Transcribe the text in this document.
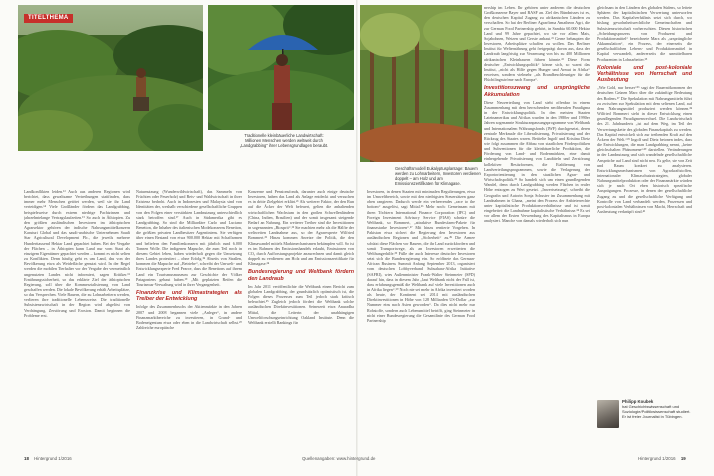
TITELTHEMA
Traditionelle kleinbäuerliche Landwirtschaft: Millionen Menschen werden weltweit durch „Landgrabbing“ ihrer Lebensgrundlagen beraubt.
Geschäftsmodell Eukalyptusplantage: Bauern werden zu Lohnarbeitern, Investoren verdienen doppelt – am Holz und am Emissionszertifikaten für Klimagase.

Landkonflikten leiden.¹³ Auch aus anderen Regionen wird berichtet, dass gewaltsame Vertreibungen stattfinden, dass immer mehr Menschen getötet werden, weil sie ihr Land verteidigen.¹⁴ Viele Großländer fördern das Landgrabbing, beispielsweise durch extrem niedrige Pachtzinsen und jahrzehntelange Vertragslaufzeiten.¹⁵ So auch in Äthiopien. Zu den größten ausländischen Investoren im äthiopischen Agrarsektor gehören der indische Nahrungsmittelkonzern Karuturi Global und das saudi-arabische Unternehmen Saudi Star Agricultural Development Plc., die jeweils mehrere Hunderttausend Hektar Land gepachtet haben. Bei der Vergabe der Flächen – in Äthiopien kann Land nur vom Staat als einzigem Eigentümer gepachtet werden – kommt es nicht selten zu Konflikten. Denn häufig geht es um Land, das von der Bevölkerung etwa als Weidefläche genutzt wird. In der Regel werden die mobilen Tierhalter vor der Vergabe der vermeintlich ungenutzten Landes nicht informiert, sagen Kritiker.¹⁶ Ernährungssicherheit, so das erklärte Ziel der äthiopischen Regierung, soll über die Kommerzialisierung von Land geschaffen werden. Die lokale Bevölkerung erhält Arbeitsplätze, so das Versprechen. Viele Bauern, die zu Lohnarbeitern werden, verlieren ihre traditionelle Lebensweise. Die traditionelle Subsistenzwirtschaft in der Region wird abgelöst von Verdrängung, Zerstörung und Erosion. Damit beginnen die Probleme erst.

Naturnutzung (Wunderwildwirtschaft), das Sammeln von Früchten oder Feuerholz) und Reis- und Waldwirtschaft in ihrer Existenz bedroht. Auch in Indonesien und Malaysia sind von Identitäten der, weshalb verschiedene gesellschaftliche Gruppen von den Folgen einer verstärkten Landnutzung unterschiedlich stark betroffen sind.¹⁷ Auch in Südamerika gibt es Landgrabbing. So sind die Milliardäre Carlo und Luciano Benetton, die Inhaber des italienischen Modekonzerns Benetton, die größten privaten Landbesitzer Argentiniens. Sie verfügen über einen Bestand von etwa 900.000 Hektar mit Schaffarmen und beliefern den Familienkonzern mit jährlich rund 6.000 Tonnen Wolle. Die indigenen Mapuche, die zum Teil noch in diesem Gebiet leben, haben wiederholt gegen die Umsetzung ihres Landes protestiert – ohne Erfolg.¹⁸ Abseits von Straßen, kommen die Mapuche auf „Betriebe“, schreibt der Umwelt- und Entwicklungsexperte Fred Pearce, dass die Benettons auf ihrem Land ein Tourismusmuseum zur Geschichte der Völker Patagoniens gebaut haben.¹⁹ „Mit geplatzten Reifen die Tourismus-Verwaltung wird in ihrer Vergangenheit.

Finanzkrise und Klimastrategien als Treiber der Entwicklung

Infolge des Zusammenbruchs der Aktienmärkte in den Jahren 2007 und 2008 begannen viele „Anleger“, in andere Finanzmarktbereiche zu investieren, in Grund- und Bodeneigentum etwa oder eben in die Landwirtschaft selbst.²⁰ Zahlreiche europäische

Konzerne und Pensionsfonds, darunter auch einige deutsche Investoren, haben das Land als Anlage entdeckt und versuchen es in dritte Zielgebiet erklärt.²¹ Als weiterer Faktor, der den Run auf die Äcker der Welt befeuert, gelten die anhaltenden wirtschaftlichen Wachstum in den großen Schwellenländern (China, Indien, Brasilien) und der somit insgesamt steigende Bedarf an Nahrung. Ein weiterer Treiber sind die Investitionen in sogenannten „Biosprit“.²² Sie machten mehr als die Hälfte der weltweiten Landnahme aus, so der Agrarexperte Wilfried Bommert.²³ Hinzu kommen Anreize der Politik, die den Klimawandel mittels Marktmechanismen bekämpfen will. So ist es im Rahmen des Emissionshandels erlaubt, Emissionen von CO₂ durch Aufforstungsprojekte anzurechnen und damit gleich doppelt zu verdienen: am Holz und am Emissionszertifikate für Klimagase.²⁴

Bundesregierung und Weltbank fördern den Landraub

Im Jahr 2011 veröffentlichte die Weltbank einen Bericht zum globalen Landgrabbing, der grundsätzlich optimistisch ist, die Folgen dieses Prozesses zum Teil jedoch stark kritisch beleuchtet.²⁵ Zugleich jedoch fördert die Weltbank solche ausländischen Direktinvestitionen. Seinerzeit etwa Anuradha Mittal, die Leiterin der unabhängigen Umweltforschungseinrichtung Oakland Institute. Denn die Weltbank erstellt Rankings für

Investoren, in denen Staaten mit minimalen Regulierungen, etwa im Umweltbereich, sowie mit den niedrigsten Steuersätzen ganz oben rangieren. Dadurch werde ein verheerendes „race to the bottom“ ausgelöst, sagt Mittal.²⁶ Mehr noch: Gemeinsam mit ihren Töchtern International Finance Corporation (IFC) und Foreign Investment Advisory Service (FIAS) schnüre die Weltbank, so Bommert, „attraktive Bundesfarm-Pakete für finanzstarke Investoren“.²⁷ Mit hinzu rentierte Vorgehen. In Pakistan etwa sichert die Regierung den Investoren aus ausländischen Regionen und „Sicherheit“ zu.²⁸ Die Armee schützt diese Flächen vor Bauern, die ihr Land zurückfordern und somit Transportwege, als an Investoren erweiterten die Welthungerhilfe.²⁹ Fülle der auch Interesse deutscher Investoren setzt sich die Bundesregierung ein. So eröffnete das German-African Business Summit Anfang September 2013, organisiert vom deutschen Lobbyverband Subsahara-Afrika Initiative (SAFRI), wies Außenminister Frank-Walter Steinmeier (SPD) darauf hin, dass in diesem Jahr „laut Weltbank nicht der Fall ist, dass erfahrungsgemäß die Weltbank auf viele Investitionen auch in Afrika liegen“.³⁰ Noch nie sei mehr in Afrika investiert worden als heute, der Kontinent sei 2014 mit ausländischen Direktinvestitionen in Höhe von 128 Milliarden US-Dollar „zur Nummer eins nach Asien geworden“. Da dies nicht mehr nur Rohstoffe, sondern auch Lebensmittel betrifft, ging Steinmeier in nicht einer Bundesregierung die Gesamtlinie des German Food Partnership

nership im Leben. Ihr gehören unter anderem die deutschen Großkonzerne Bayer und BASF an. Ziel des Bündnisses ist es, den deutschen Kapital Zugang zu afrikanischen Ländern zu verschaffen. So hat der Berliner Agrarfirma Amatheon Agri, die zur German Food Partnership gehört, in Sambia 60.000 Hektar Land und 99 Jahre gepachtet, wo sie vor allem Mais, Sojabohnen, Weizen und Gerste anbaut.³¹ Gerne behaupten die Investoren, Arbeitsplätze schaffen zu wollen. Das Berliner Institut für Welternährung geht freigeprägt davon aus, dass der Landraub langfristig zur Verarmung von bis zu 400 Millionen afrikanischen Kleinbauern führen könnte.³² Diese Form deutscher „Entwicklungspolitik“ könne sich, so warnt das Institut, „nicht als Hilfe gegen Hunger und Armut in Afrika“ erweisen, sondern vielmehr „als Brandbeschleuniger für die Flüchtlingsströme nach Europa“.

Investitionszwang und ursprüngliche Akkumulation

Diese Neuverteilung von Land steht offenbar in einem Zusammenhang mit dem herrschenden neoliberalen Paradigma in der Entwicklungspolitik. In den meisten Staaten Lateinamerikas und Afrikas wurden in den 1980er und 1990er Jahren sogenannte Strukturanpassungsprogramme von Weltbank und Internationalem Währungsfonds (IWF) durchgesetzt, deren zentrale Merkmale die Liberalisierung, Privatisierung und der Rückzug des Staates waren. Betitelte Ingolf und Kristina Dietz wie folgt zusammen die Abbau von staatlichen Förderpolitiken und Subventionen für die kleinbäuerliche Produktion, die Förderung von Land- und Bodenmärkten, eine damit einhergehende Privatisierung von Landtiteln und Zerstörung kollektiver Besitzformen, die Etablierung von Landverteilungsprogrammen, sowie die Verlagerung der Exportorientierung in den staatlichen Agrar- und Wirtschaftspolitik.³³ So handelt sich um einen grundlegenden Wandel, denn durch Landgrabbing werden Flächen in realer Höhe entzogen zu Wert gesetzt. „Inwertsetzung“, schreibt die Geografin und Autorin Sonja Schuster im Zusammenhang mit Landnahmen in Ghana, „meint den Prozess der Anbieterrechte unter kapitalistische Produktionsverhältnisse und ist somit eingebettet: die Landnahme kapitalistische Verhältnisse.³⁴ Es sei vor allem der Ersten Verwendung des Kapitalismus in Europa analysiert. Manche von damals wiederholt sich nun

gleichsam in den Ländern des globalen Südens, so leitete Sphären der kapitalistischen Verwertung unterworfen werden. Das Kapitalverhältnis setzt sich durch, wo bislang gewohnheitsrechtliche Gemeinschaften und Subsistenzwirtschaft vorherrschten. Diesen historischen „Scheidungsprozess von Produzent und Produktionsmittel“ bezeichnete Marx als „ursprüngliche Akkumulation“, ein Prozess, der einerseits die gesellschaftlichen Lebens- und Produktionsmittel in Kapital verwandelt, andererseits die unmittelbaren Produzenten in Lohnarbeiter.³⁵

Koloniale und post-koloniale Verhältnisse von Herrschaft und Ausbeutung

„Wie Gold, nur besser“³⁶ sagt der Bauernökonomen der deutschen Grünen Marc über die zukünftige Bedeutung des Bodens.³⁷ Die Spekulation mit Nahrungsmitteln führt zu zwischen zur Spekulation mit dem seltenen Land, auf dem Nahrungsmittel produziert werden können.³⁸ Wilfried Bommert sieht in dieser Entwicklung einen grundlegenden Paradigmenwechsel. Die Landwirtschaft des 21. Jahrhunderts „ist auf dem Weg, im Teil der Verwertungskette des globalen Finanzkapitals zu werden. Das Kapital entwickelt sich zur treibenden Kraft auf den Äckern der Welt.“³⁹ Ingolf und Dietz betonen indes, dass die Entwicklungen, die man Landgrabbing nennt, „keine gleichschalten Phänomene“⁴⁰ darstellen. Veränderungen in der Landnutzung und sich wandelnde gesellschaftliche Ansprüche auf Land sind nicht neu. Es gelte, sie von Zeit und Raum konkret zu analysieren. Entwicklungsmechanismen von Agrarkraftstoffen, internationaler Klimaschutzstrategien, globaler Nahrungsmittelproduktion oder der Finanzmärkte würden sich je nach Ort eben historisch spezifische Ausprägungen. Prozesse, in denen der gesellschaftliche Zugang zu und die gesellschaftliche Verfügung und Kontrolle von Land verhandelt werden, Prozessen und post-kolonialen Verhältnissen von Macht, Herrschaft und Ausbeutung verknüpft sind.⁴¹

Philipp Koubek
hat Geschichtswissenschaft und Soziologie/Politikwissenschaft studiert. Er ist freier Journalist in Tübingen.
18 Hintergrund 1/2016	Quellenangaben: www.hintergrund.de	Hintergrund 1/2016 19
